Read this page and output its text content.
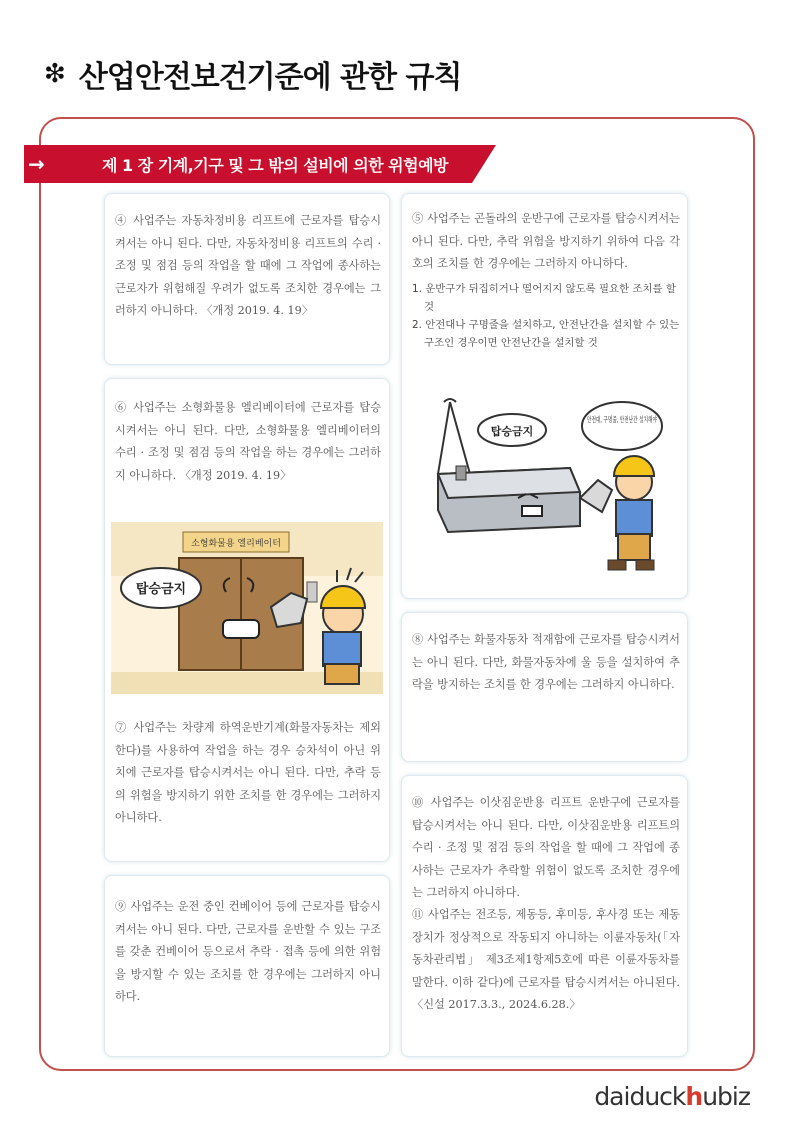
❇ 산업안전보건기준에 관한 규칙
→	제 1 장 기계,기구 및 그 밖의 설비에 의한 위험예방
④ 사업주는 자동차정비용 리프트에 근로자를 탑승시켜서는 아니 된다. 다만, 자동차정비용 리프트의 수리 · 조정 및 점검 등의 작업을 할 때에 그 작업에 종사하는 근로자가 위험해질 우려가 없도록 조치한 경우에는 그러하지 아니하다. 〈개정 2019. 4. 19〉
⑥ 사업주는 소형화물용 엘리베이터에 근로자를 탑승시켜서는 아니 된다. 다만, 소형화물용 엘리베이터의 수리 · 조정 및 점검 등의 작업을 하는 경우에는 그러하지 아니하다. 〈개정 2019. 4. 19〉
소형화물용 엘리베이터
탑승금지
⑦ 사업주는 차량계 하역운반기계(화물자동차는 제외한다)를 사용하여 작업을 하는 경우 승차석이 아닌 위치에 근로자를 탑승시켜서는 아니 된다. 다만, 추락 등의 위험을 방지하기 위한 조치를 한 경우에는 그러하지 아니하다.
⑨ 사업주는 운전 중인 컨베이어 등에 근로자를 탑승시켜서는 아니 된다. 다만, 근로자를 운반할 수 있는 구조를 갖춘 컨베이어 등으로서 추락 · 접촉 등에 의한 위험을 방지할 수 있는 조치를 한 경우에는 그러하지 아니하다.
⑤ 사업주는 곤돌라의 운반구에 근로자를 탑승시켜서는 아니 된다. 다만, 추락 위험을 방지하기 위하여 다음 각 호의 조치를 한 경우에는 그러하지 아니하다.
1. 운반구가 뒤집히거나 떨어지지 않도록 필요한 조치를 할 것
2. 안전대나 구명줄을 설치하고, 안전난간을 설치할 수 있는 구조인 경우이면 안전난간을 설치할 것
탑승금지
안전대, 구명줄, 안전난간 설치해야
⑧ 사업주는 화물자동차 적재함에 근로자를 탑승시켜서는 아니 된다. 다만, 화물자동차에 울 등을 설치하여 추락을 방지하는 조치를 한 경우에는 그러하지 아니하다.
⑩ 사업주는 이삿짐운반용 리프트 운반구에 근로자를 탑승시켜서는 아니 된다. 다만, 이삿짐운반용 리프트의 수리 · 조정 및 점검 등의 작업을 할 때에 그 작업에 종사하는 근로자가 추락할 위험이 없도록 조치한 경우에는 그러하지 아니하다.
⑪ 사업주는 전조등, 제동등, 후미등, 후사경 또는 제동장치가 정상적으로 작동되지 아니하는 이륜자동차(「자동차관리법」 제3조제1항제5호에 따른 이륜자동차를 말한다. 이하 같다)에 근로자를 탑승시켜서는 아니된다. 〈신설 2017.3.3., 2024.6.28.〉
daiduckhubiz
